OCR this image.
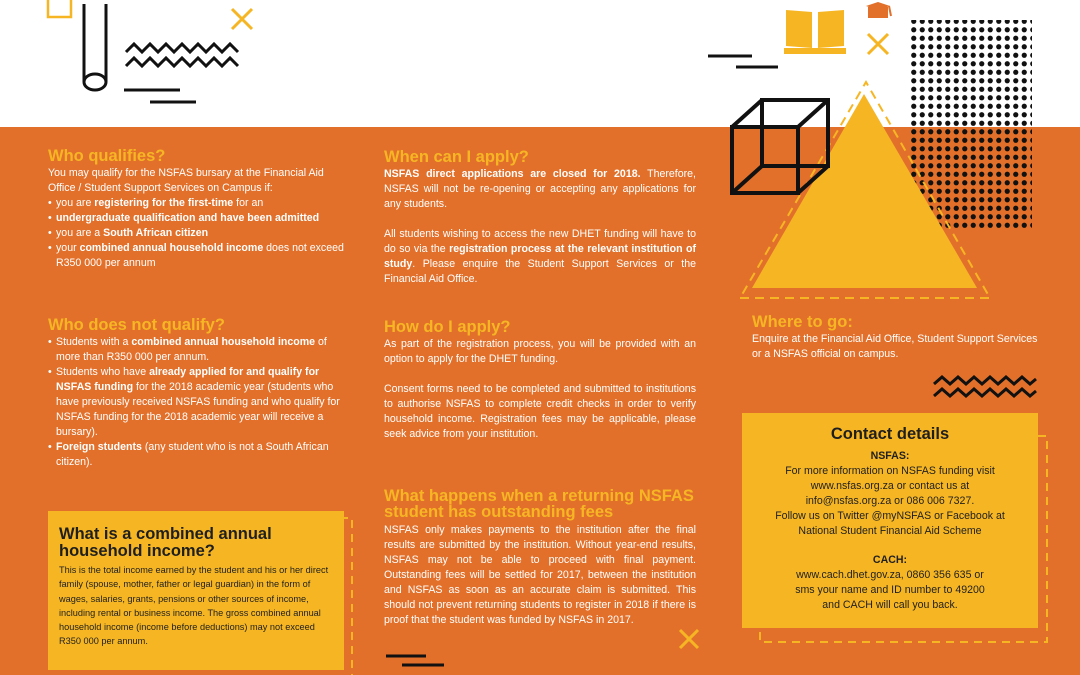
Who qualifies?

You may qualify for the NSFAS bursary at the Financial Aid Office / Student Support Services on Campus if:

• you are registering for the first-time for an
• undergraduate qualification and have been admitted
• you are a South African citizen
• your combined annual household income does not exceed R350 000 per annum

Who does not qualify?

• Students with a combined annual household income of more than R350 000 per annum.
• Students who have already applied for and qualify for NSFAS funding for the 2018 academic year (students who have previously received NSFAS funding and who qualify for NSFAS funding for the 2018 academic year will receive a bursary).
• Foreign students (any student who is not a South African citizen).

What is a combined annual household income?

This is the total income earned by the student and his or her direct family (spouse, mother, father or legal guardian) in the form of wages, salaries, grants, pensions or other sources of income, including rental or business income. The gross combined annual household income (income before deductions) may not exceed R350 000 per annum.

When can I apply?

NSFAS direct applications are closed for 2018. Therefore, NSFAS will not be re-opening or accepting any applications for any students.

All students wishing to access the new DHET funding will have to do so via the registration process at the relevant institution of study. Please enquire the Student Support Services or the Financial Aid Office.

How do I apply?

As part of the registration process, you will be provided with an option to apply for the DHET funding.

Consent forms need to be completed and submitted to institutions to authorise NSFAS to complete credit checks in order to verify household income. Registration fees may be applicable, please seek advice from your institution.

What happens when a returning NSFAS student has outstanding fees

NSFAS only makes payments to the institution after the final results are submitted by the institution. Without year-end results, NSFAS may not be able to proceed with final payment. Outstanding fees will be settled for 2017, between the institution and NSFAS as soon as an accurate claim is submitted. This should not prevent returning students to register in 2018 if there is proof that the student was funded by NSFAS in 2017.

Where to go:

Enquire at the Financial Aid Office, Student Support Services or a NSFAS official on campus.

Contact details

NSFAS:

For more information on NSFAS funding visit

www.nsfas.org.za or contact us at

info@nsfas.org.za or 086 006 7327.

Follow us on Twitter @myNSFAS or Facebook at

National Student Financial Aid Scheme

CACH:

www.cach.dhet.gov.za, 0860 356 635 or

sms your name and ID number to 49200

and CACH will call you back.
